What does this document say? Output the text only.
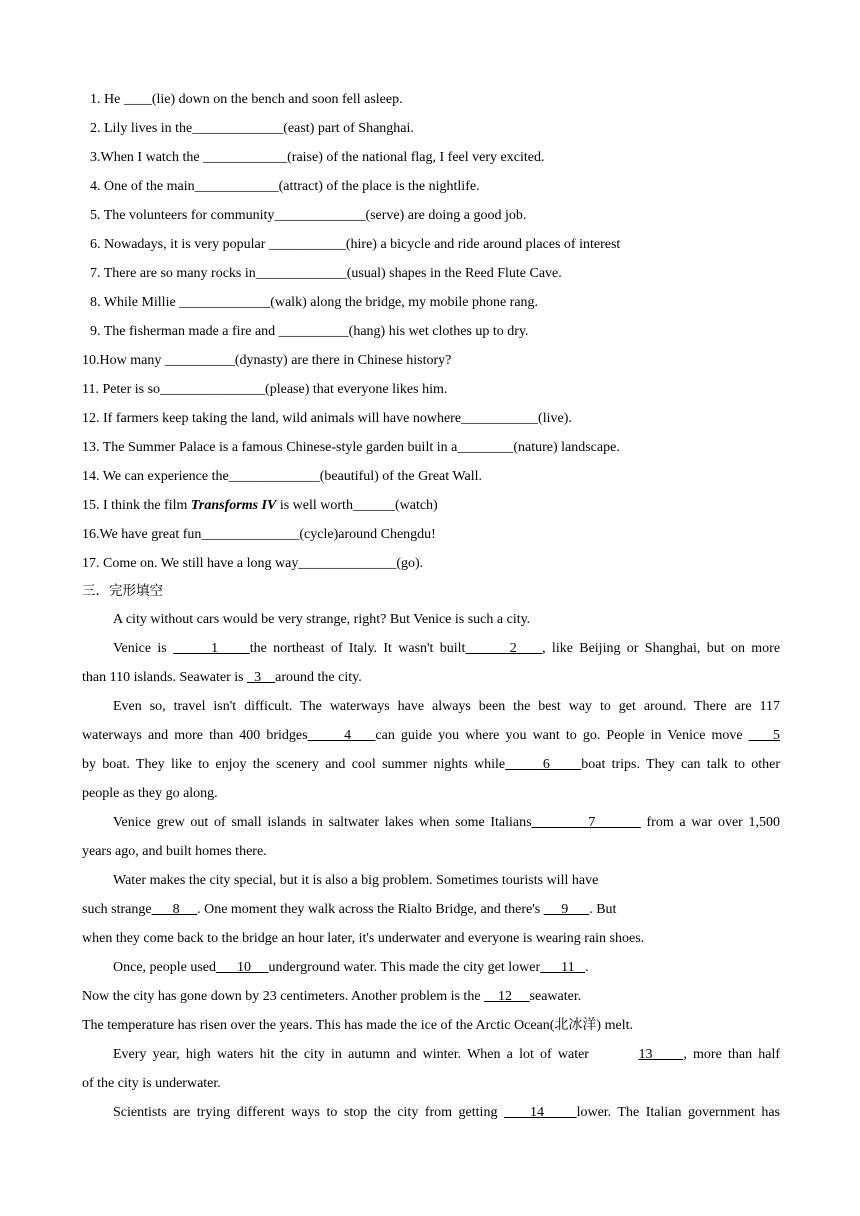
1. He ____(lie) down on the bench and soon fell asleep.
2. Lily lives in the_____________(east) part of Shanghai.
3.When I watch the ____________(raise) of the national flag, I feel very excited.
4. One of the main____________(attract) of the place is the nightlife.
5. The volunteers for community_____________(serve) are doing a good job.
6. Nowadays, it is very popular ___________(hire) a bicycle and ride around places of interest
7. There are so many rocks in_____________(usual) shapes in the Reed Flute Cave.
8. While Millie _____________(walk) along the bridge, my mobile phone rang.
9. The fisherman made a fire and __________(hang) his wet clothes up to dry.
10.How many __________(dynasty) are there in Chinese history?
11. Peter is so_______________(please) that everyone likes him.
12. If farmers keep taking the land, wild animals will have nowhere___________(live).
13. The Summer Palace is a famous Chinese-style garden built in a________(nature) landscape.
14. We can experience the_____________(beautiful) of the Great Wall.
15. I think the film Transforms IV is well worth______(watch)
16.We have great fun______________(cycle)around Chengdu!
17. Come on. We still have a long way______________(go).
三．完形填空
A city without cars would be very strange, right? But Venice is such a city.
Venice is	1 the northeast of Italy. It wasn't built	2 , like Beijing or Shanghai, but on more
than 110 islands. Seawater is   3 around the city.
Even so, travel isn't difficult. The waterways have always been the best way to get around. There are 117
waterways and more than 400 bridges	4 can guide you where you want to go. People in Venice move     5
by boat. They like to enjoy the scenery and cool summer nights while	6 boat trips. They can talk to other
people as they go along.
Venice grew out of small islands in saltwater lakes when some Italians	7	from a war over 1,500
years ago, and built homes there.
Water makes the city special, but it is also a big problem. Sometimes tourists will have
such strange 8 . One moment they walk across the Rialto Bridge, and there's      9 . But
when they come back to the bridge an hour later, it's underwater and everyone is wearing rain shoes.
Once, people used 10 underground water. This made the city get lower 11 .
Now the city has gone down by 23 centimeters. Another problem is the     12 seawater.
The temperature has risen over the years. This has made the ice of the Arctic Ocean(北冰洋) melt.
Every year, high waters hit the city in autumn and winter. When a lot of water	13 , more than half
of the city is underwater.
Scientists are trying different ways to stop the city from getting     14 lower. The Italian government has
